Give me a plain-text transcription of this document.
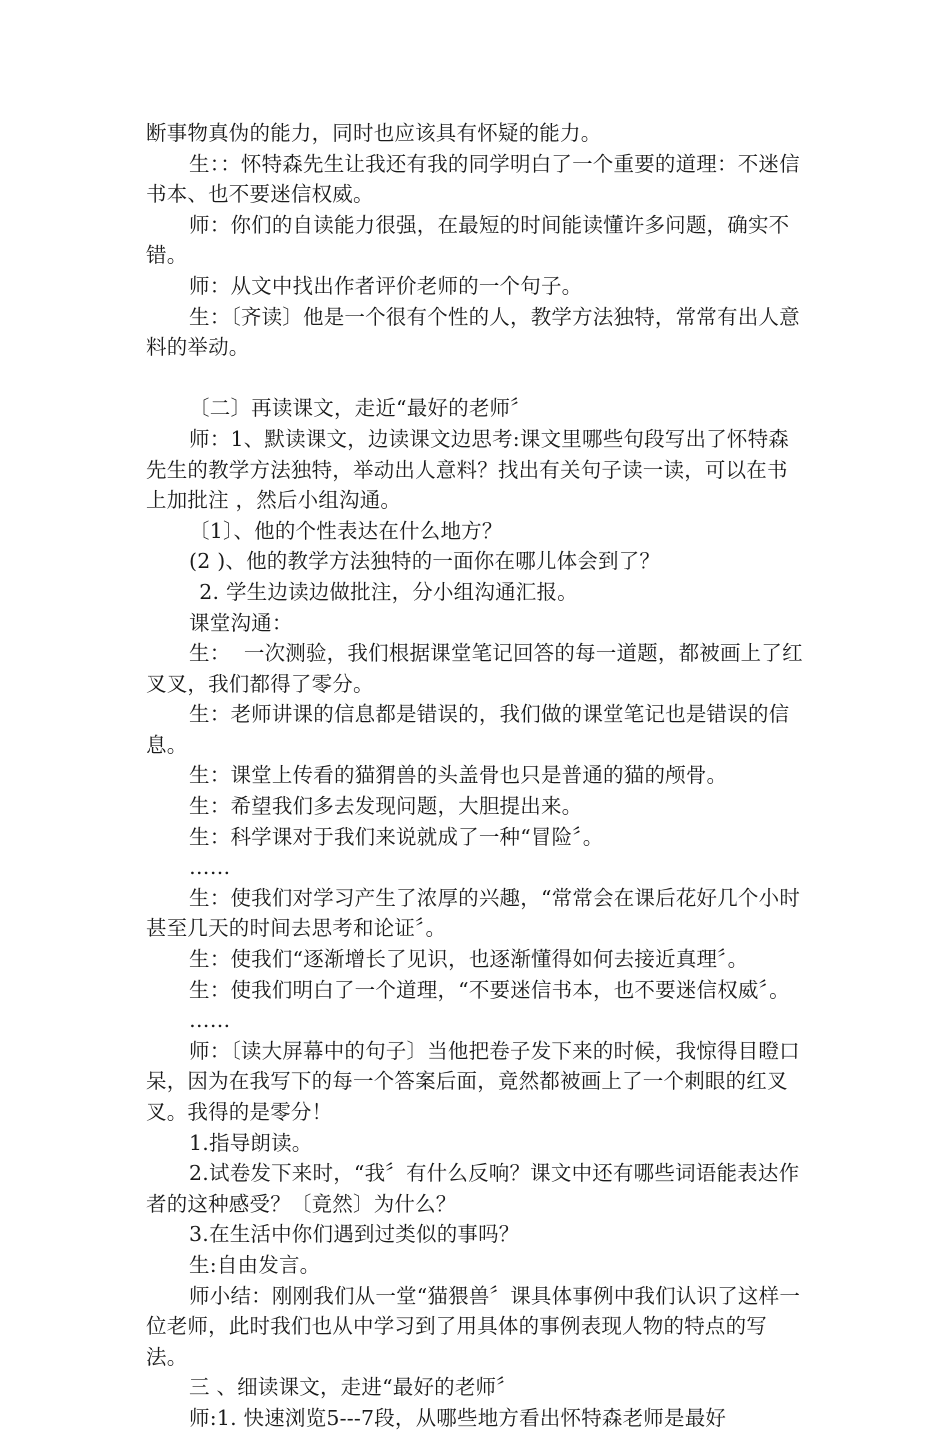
断事物真伪的能力，同时也应该具有怀疑的能力。

生：：怀特森先生让我还有我的同学明白了一个重要的道理：不迷信书本、也不要迷信权威。

师：你们的自读能力很强，在最短的时间能读懂许多问题，确实不错。

师：从文中找出作者评价老师的一个句子。

生：〔齐读〕他是一个很有个性的人，教学方法独特，常常有出人意料的举动。

〔二〕再读课文，走近“最好的老师〞

师：1、默读课文，边读课文边思考:课文里哪些句段写出了怀特森先生的教学方法独特，举动出人意料？找出有关句子读一读，可以在书上加批注 ，然后小组沟通。

〔1〕、他的个性表达在什么地方？

(2 )、他的教学方法独特的一面你在哪儿体会到了？

2. 学生边读边做批注，分小组沟通汇报。

课堂沟通：

生：  一次测验，我们根据课堂笔记回答的每一道题，都被画上了红叉叉，我们都得了零分。

生：老师讲课的信息都是错误的，我们做的课堂笔记也是错误的信息。

生：课堂上传看的猫猬兽的头盖骨也只是普通的猫的颅骨。

生：希望我们多去发现问题，大胆提出来。

生：科学课对于我们来说就成了一种“冒险〞。

……

生：使我们对学习产生了浓厚的兴趣，“常常会在课后花好几个小时甚至几天的时间去思考和论证〞。

生：使我们“逐渐增长了见识，也逐渐懂得如何去接近真理〞。

生：使我们明白了一个道理，“不要迷信书本，也不要迷信权威〞。

……

师：〔读大屏幕中的句子〕当他把卷子发下来的时候，我惊得目瞪口呆，因为在我写下的每一个答案后面，竟然都被画上了一个刺眼的红叉叉。我得的是零分！

1.指导朗读。

2.试卷发下来时，“我〞有什么反响？课文中还有哪些词语能表达作者的这种感受？〔竟然〕为什么？

3.在生活中你们遇到过类似的事吗？

生:自由发言。

师小结：刚刚我们从一堂“猫猥兽〞课具体事例中我们认识了这样一位老师，此时我们也从中学习到了用具体的事例表现人物的特点的写法。

三 、细读课文，走进“最好的老师〞

师:1. 快速浏览5---7段，从哪些地方看出怀特森老师是最好
